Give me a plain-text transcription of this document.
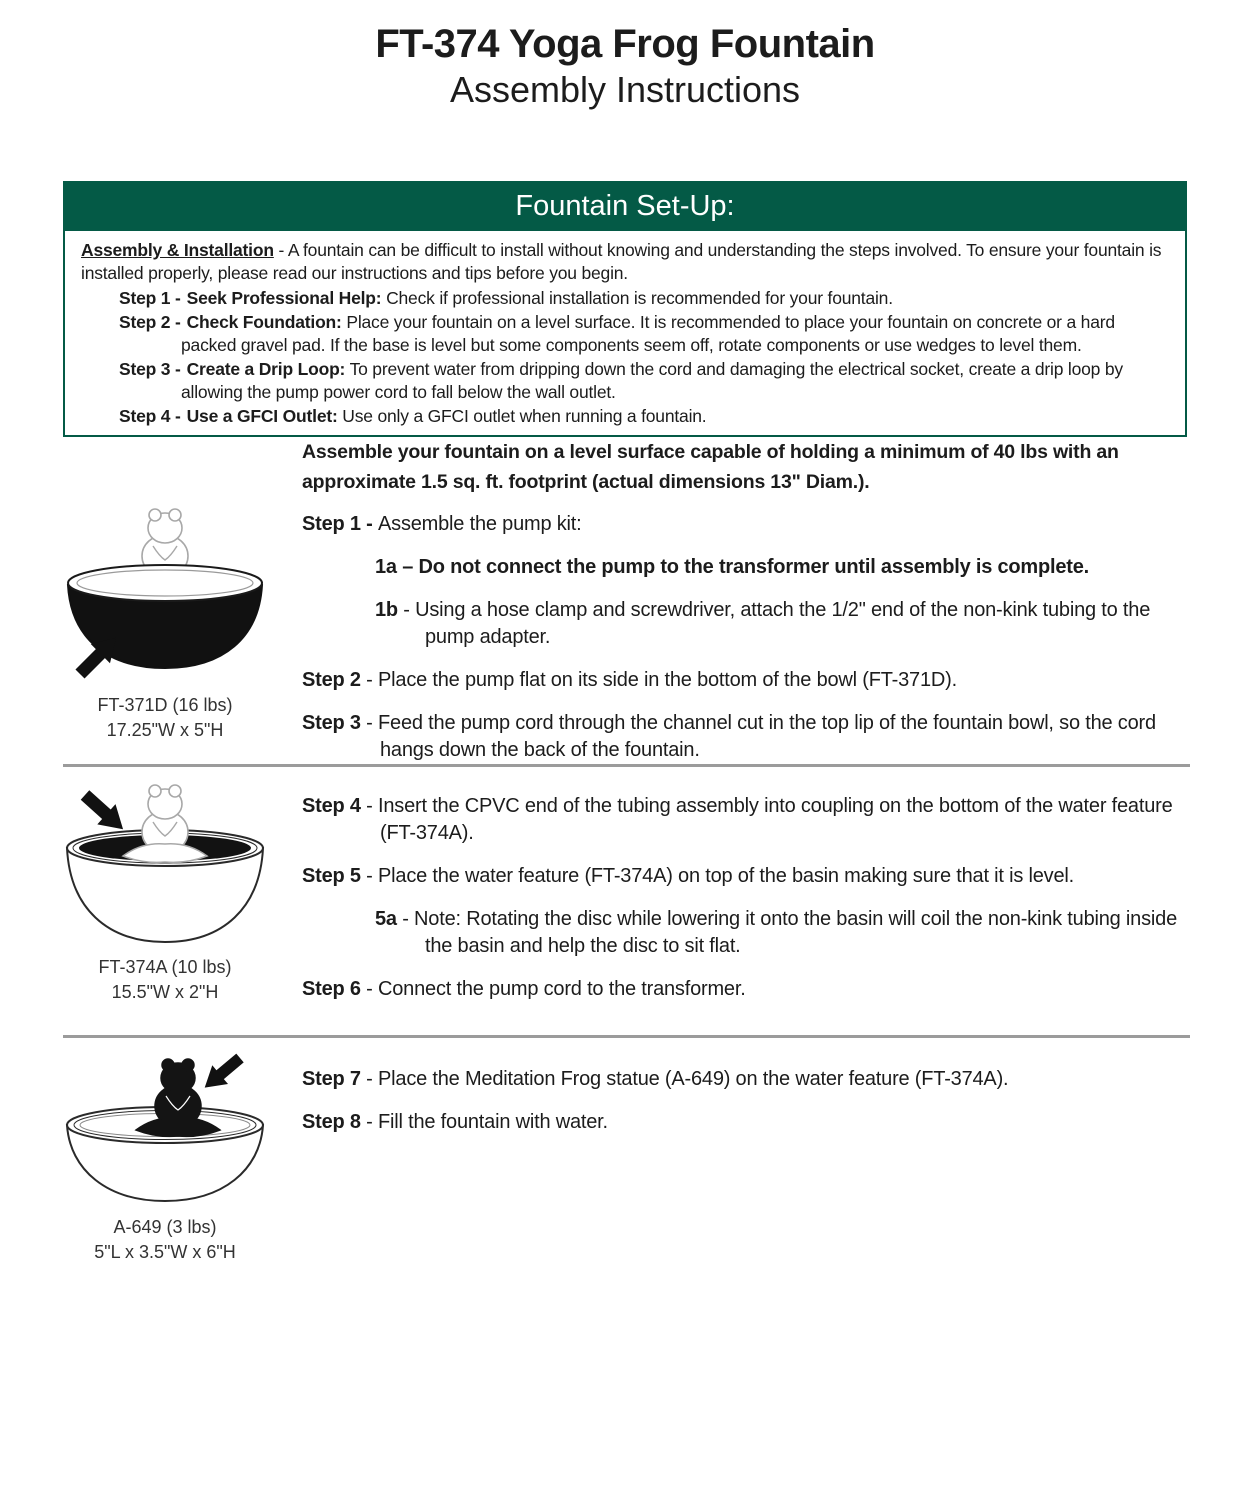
FT-374 Yoga Frog Fountain
Assembly Instructions
Fountain Set-Up:

Assembly & Installation - A fountain can be difficult to install without knowing and understanding the steps involved. To ensure your fountain is installed properly, please read our instructions and tips before you begin.

Step 1 - Seek Professional Help: Check if professional installation is recommended for your fountain.

Step 2 - Check Foundation: Place your fountain on a level surface. It is recommended to place your fountain on concrete or a hard packed gravel pad. If the base is level but some components seem off, rotate components or use wedges to level them.

Step 3 - Create a Drip Loop: To prevent water from dripping down the cord and damaging the electrical socket, create a drip loop by allowing the pump power cord to fall below the wall outlet.

Step 4 - Use a GFCI Outlet: Use only a GFCI outlet when running a fountain.

Assemble your fountain on a level surface capable of holding a minimum of 40 lbs with an approximate 1.5 sq. ft. footprint (actual dimensions 13" Diam.).

Step 1 - Assemble the pump kit:

1a – Do not connect the pump to the transformer until assembly is complete.

1b - Using a hose clamp and screwdriver, attach the 1/2" end of the non-kink tubing to the pump adapter.

Step 2 - Place the pump flat on its side in the bottom of the bowl (FT-371D).

Step 3 - Feed the pump cord through the channel cut in the top lip of the fountain bowl, so the cord hangs down the back of the fountain.

Step 4 - Insert the CPVC end of the tubing assembly into coupling on the bottom of the water feature (FT-374A).

Step 5 - Place the water feature (FT-374A) on top of the basin making sure that it is level.

5a - Note: Rotating the disc while lowering it onto the basin will coil the non-kink tubing inside the basin and help the disc to sit flat.

Step 6 - Connect the pump cord to the transformer.

Step 7 - Place the Meditation Frog statue (A-649) on the water feature (FT-374A).

Step 8 - Fill the fountain with water.

FT-371D (16 lbs)
17.25"W x 5"H
FT-374A (10 lbs)
15.5"W x 2"H
A-649 (3 lbs)
5"L x 3.5"W x 6"H
